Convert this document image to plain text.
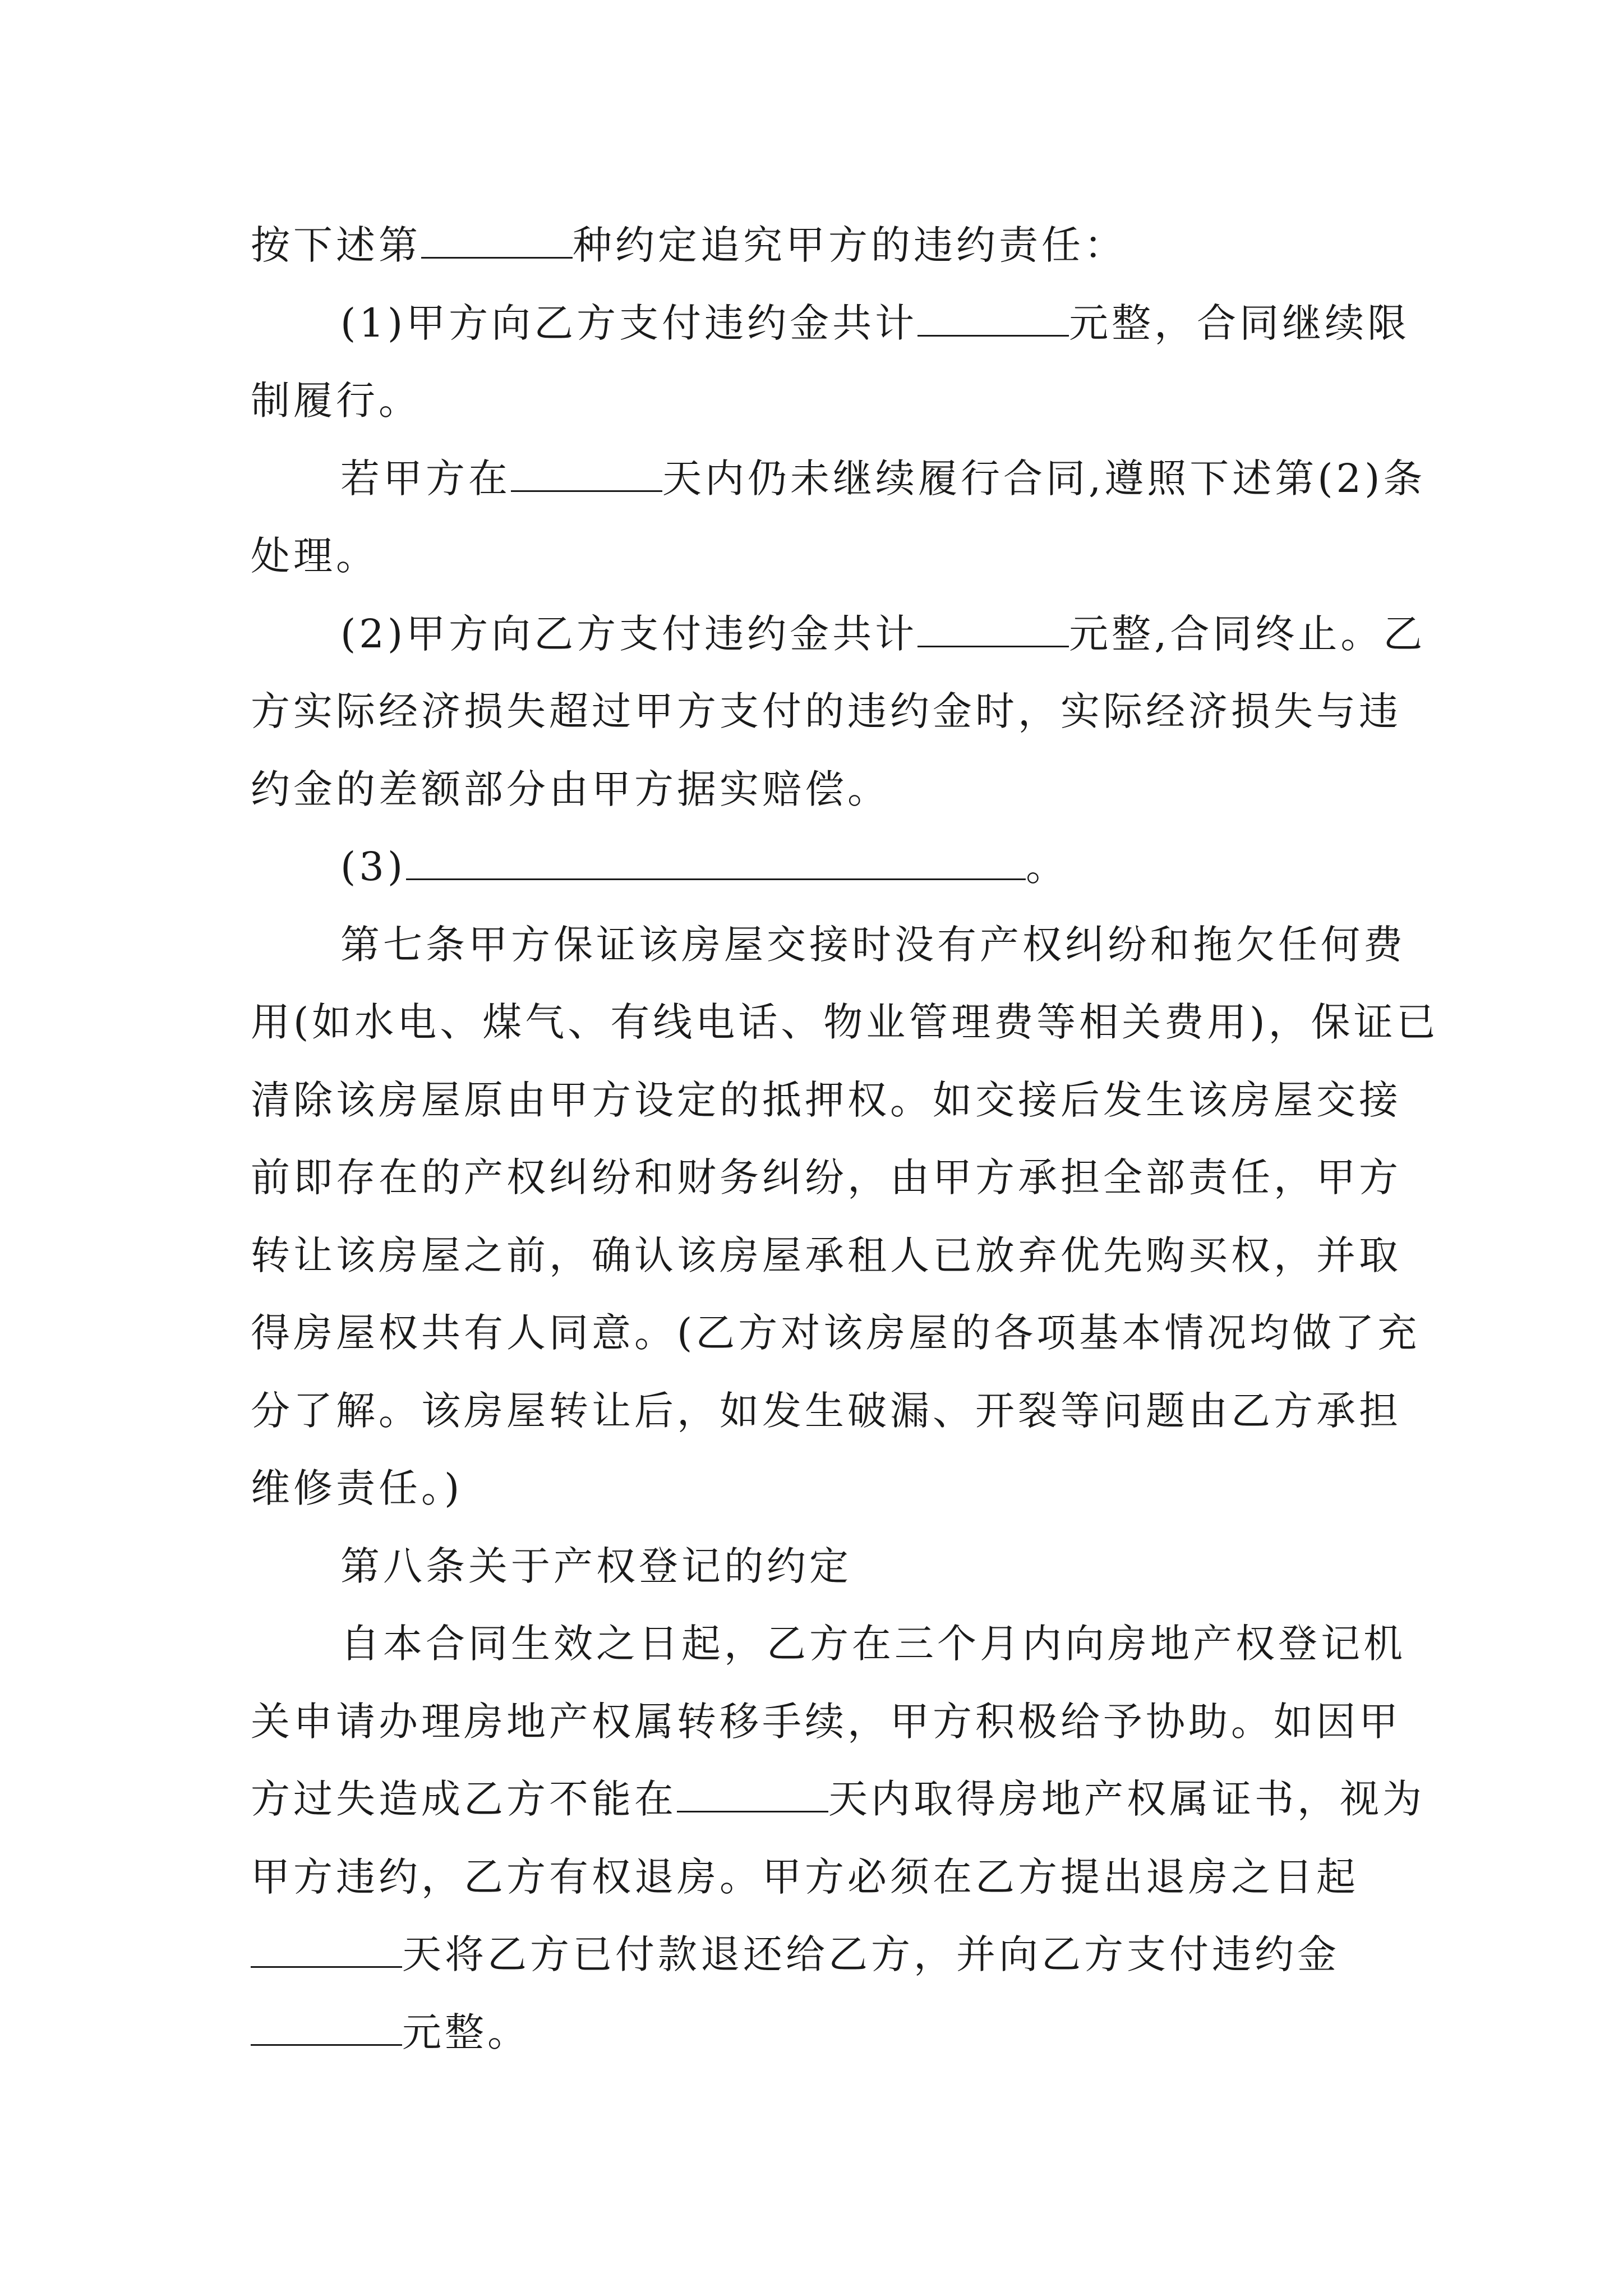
按下述第	种约定追究甲方的违约责任：

(1)甲方向乙方支付违约金共计	元整，合同继续限制履行。

若甲方在	天内仍未继续履行合同,遵照下述第(2)条处理。

(2)甲方向乙方支付违约金共计	元整,合同终止。乙方实际经济损失超过甲方支付的违约金时，实际经济损失与违约金的差额部分由甲方据实赔偿。

(3)	。

第七条甲方保证该房屋交接时没有产权纠纷和拖欠任何费用(如水电、煤气、有线电话、物业管理费等相关费用)，保证已清除该房屋原由甲方设定的抵押权。如交接后发生该房屋交接前即存在的产权纠纷和财务纠纷，由甲方承担全部责任，甲方转让该房屋之前，确认该房屋承租人已放弃优先购买权，并取得房屋权共有人同意。(乙方对该房屋的各项基本情况均做了充分了解。该房屋转让后，如发生破漏、开裂等问题由乙方承担维修责任。)

第八条关于产权登记的约定

自本合同生效之日起，乙方在三个月内向房地产权登记机关申请办理房地产权属转移手续，甲方积极给予协助。如因甲方过失造成乙方不能在	天内取得房地产权属证书，视为甲方违约，乙方有权退房。甲方必须在乙方提出退房之日起天将乙方已付款退还给乙方，并向乙方支付违约金元整。
